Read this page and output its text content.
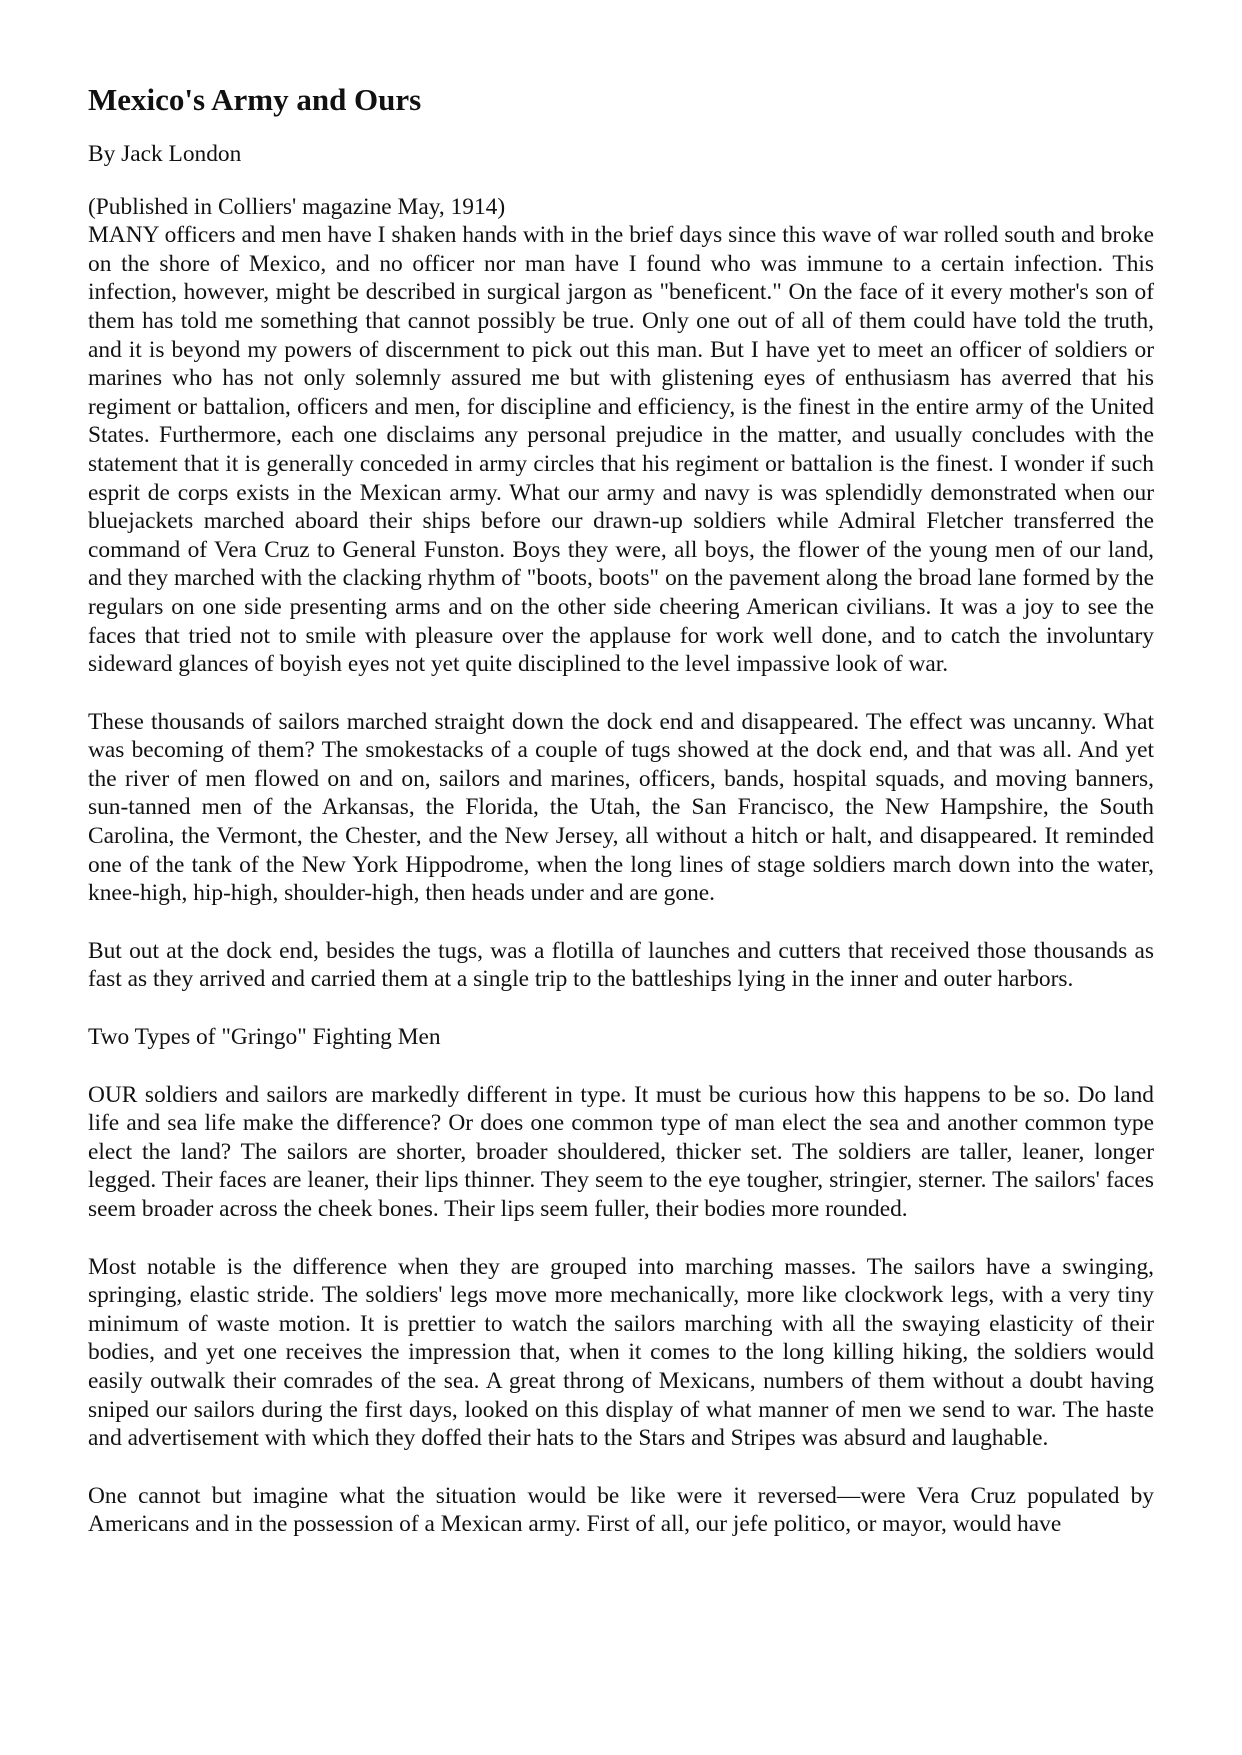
Mexico's Army and Ours

By Jack London

(Published in Colliers' magazine May, 1914)

MANY officers and men have I shaken hands with in the brief days since this wave of war rolled south and broke on the shore of Mexico, and no officer nor man have I found who was immune to a certain infection. This infection, however, might be described in surgical jargon as "beneficent." On the face of it every mother's son of them has told me something that cannot possibly be true. Only one out of all of them could have told the truth, and it is beyond my powers of discernment to pick out this man. But I have yet to meet an officer of soldiers or marines who has not only solemnly assured me but with glistening eyes of enthusiasm has averred that his regiment or battalion, officers and men, for discipline and efficiency, is the finest in the entire army of the United States. Furthermore, each one disclaims any personal prejudice in the matter, and usually concludes with the statement that it is generally conceded in army circles that his regiment or battalion is the finest. I wonder if such esprit de corps exists in the Mexican army. What our army and navy is was splendidly demonstrated when our bluejackets marched aboard their ships before our drawn-up soldiers while Admiral Fletcher transferred the command of Vera Cruz to General Funston. Boys they were, all boys, the flower of the young men of our land, and they marched with the clacking rhythm of "boots, boots" on the pavement along the broad lane formed by the regulars on one side presenting arms and on the other side cheering American civilians. It was a joy to see the faces that tried not to smile with pleasure over the applause for work well done, and to catch the involuntary sideward glances of boyish eyes not yet quite disciplined to the level impassive look of war.

These thousands of sailors marched straight down the dock end and disappeared. The effect was uncanny. What was becoming of them? The smokestacks of a couple of tugs showed at the dock end, and that was all. And yet the river of men flowed on and on, sailors and marines, officers, bands, hospital squads, and moving banners, sun-tanned men of the Arkansas, the Florida, the Utah, the San Francisco, the New Hampshire, the South Carolina, the Vermont, the Chester, and the New Jersey, all without a hitch or halt, and disappeared. It reminded one of the tank of the New York Hippodrome, when the long lines of stage soldiers march down into the water, knee-high, hip-high, shoulder-high, then heads under and are gone.

But out at the dock end, besides the tugs, was a flotilla of launches and cutters that received those thousands as fast as they arrived and carried them at a single trip to the battleships lying in the inner and outer harbors.

Two Types of "Gringo" Fighting Men

OUR soldiers and sailors are markedly different in type. It must be curious how this happens to be so. Do land life and sea life make the difference? Or does one common type of man elect the sea and another common type elect the land? The sailors are shorter, broader shouldered, thicker set. The soldiers are taller, leaner, longer legged. Their faces are leaner, their lips thinner. They seem to the eye tougher, stringier, sterner. The sailors' faces seem broader across the cheek bones. Their lips seem fuller, their bodies more rounded.

Most notable is the difference when they are grouped into marching masses. The sailors have a swinging, springing, elastic stride. The soldiers' legs move more mechanically, more like clockwork legs, with a very tiny minimum of waste motion. It is prettier to watch the sailors marching with all the swaying elasticity of their bodies, and yet one receives the impression that, when it comes to the long killing hiking, the soldiers would easily outwalk their comrades of the sea. A great throng of Mexicans, numbers of them without a doubt having sniped our sailors during the first days, looked on this display of what manner of men we send to war. The haste and advertisement with which they doffed their hats to the Stars and Stripes was absurd and laughable.

One cannot but imagine what the situation would be like were it reversed—were Vera Cruz populated by Americans and in the possession of a Mexican army. First of all, our jefe politico, or mayor, would have
